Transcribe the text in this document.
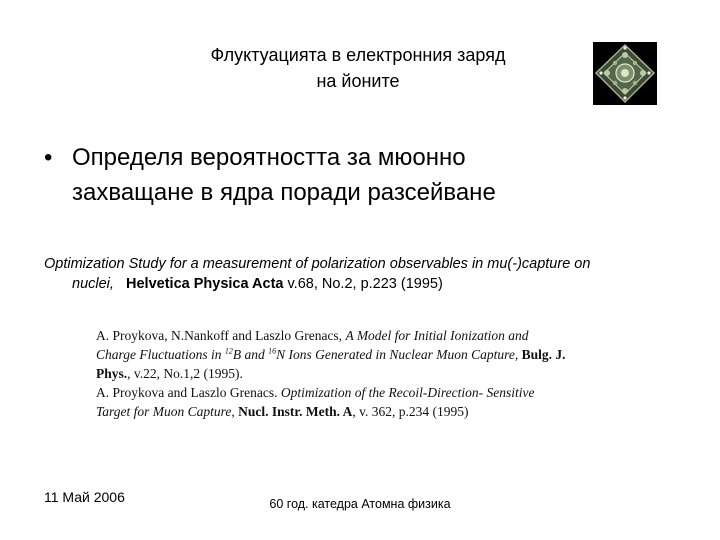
Флуктуацията в електронния заряд
на йоните
• Определя вероятността за мюонно
захващане в ядра поради разсейване
Optimization Study for a measurement of polarization observables in mu(-)capture on
nuclei, Helvetica Physica Acta v.68, No.2, p.223 (1995)
A. Proykova, N.Nankoff and Laszlo Grenacs, A Model for Initial Ionization and Charge Fluctuations in $^{12}$B and $^{16}$N Ions Generated in Nuclear Muon Capture, Bulg. J. Phys., v.22, No.1,2 (1995).
A. Proykova and Laszlo Grenacs. Optimization of the Recoil-Direction- Sensitive Target for Muon Capture, Nucl. Instr. Meth. A, v. 362, p.234 (1995)
11 Май 2006	60 год. катедра Атомна физика
